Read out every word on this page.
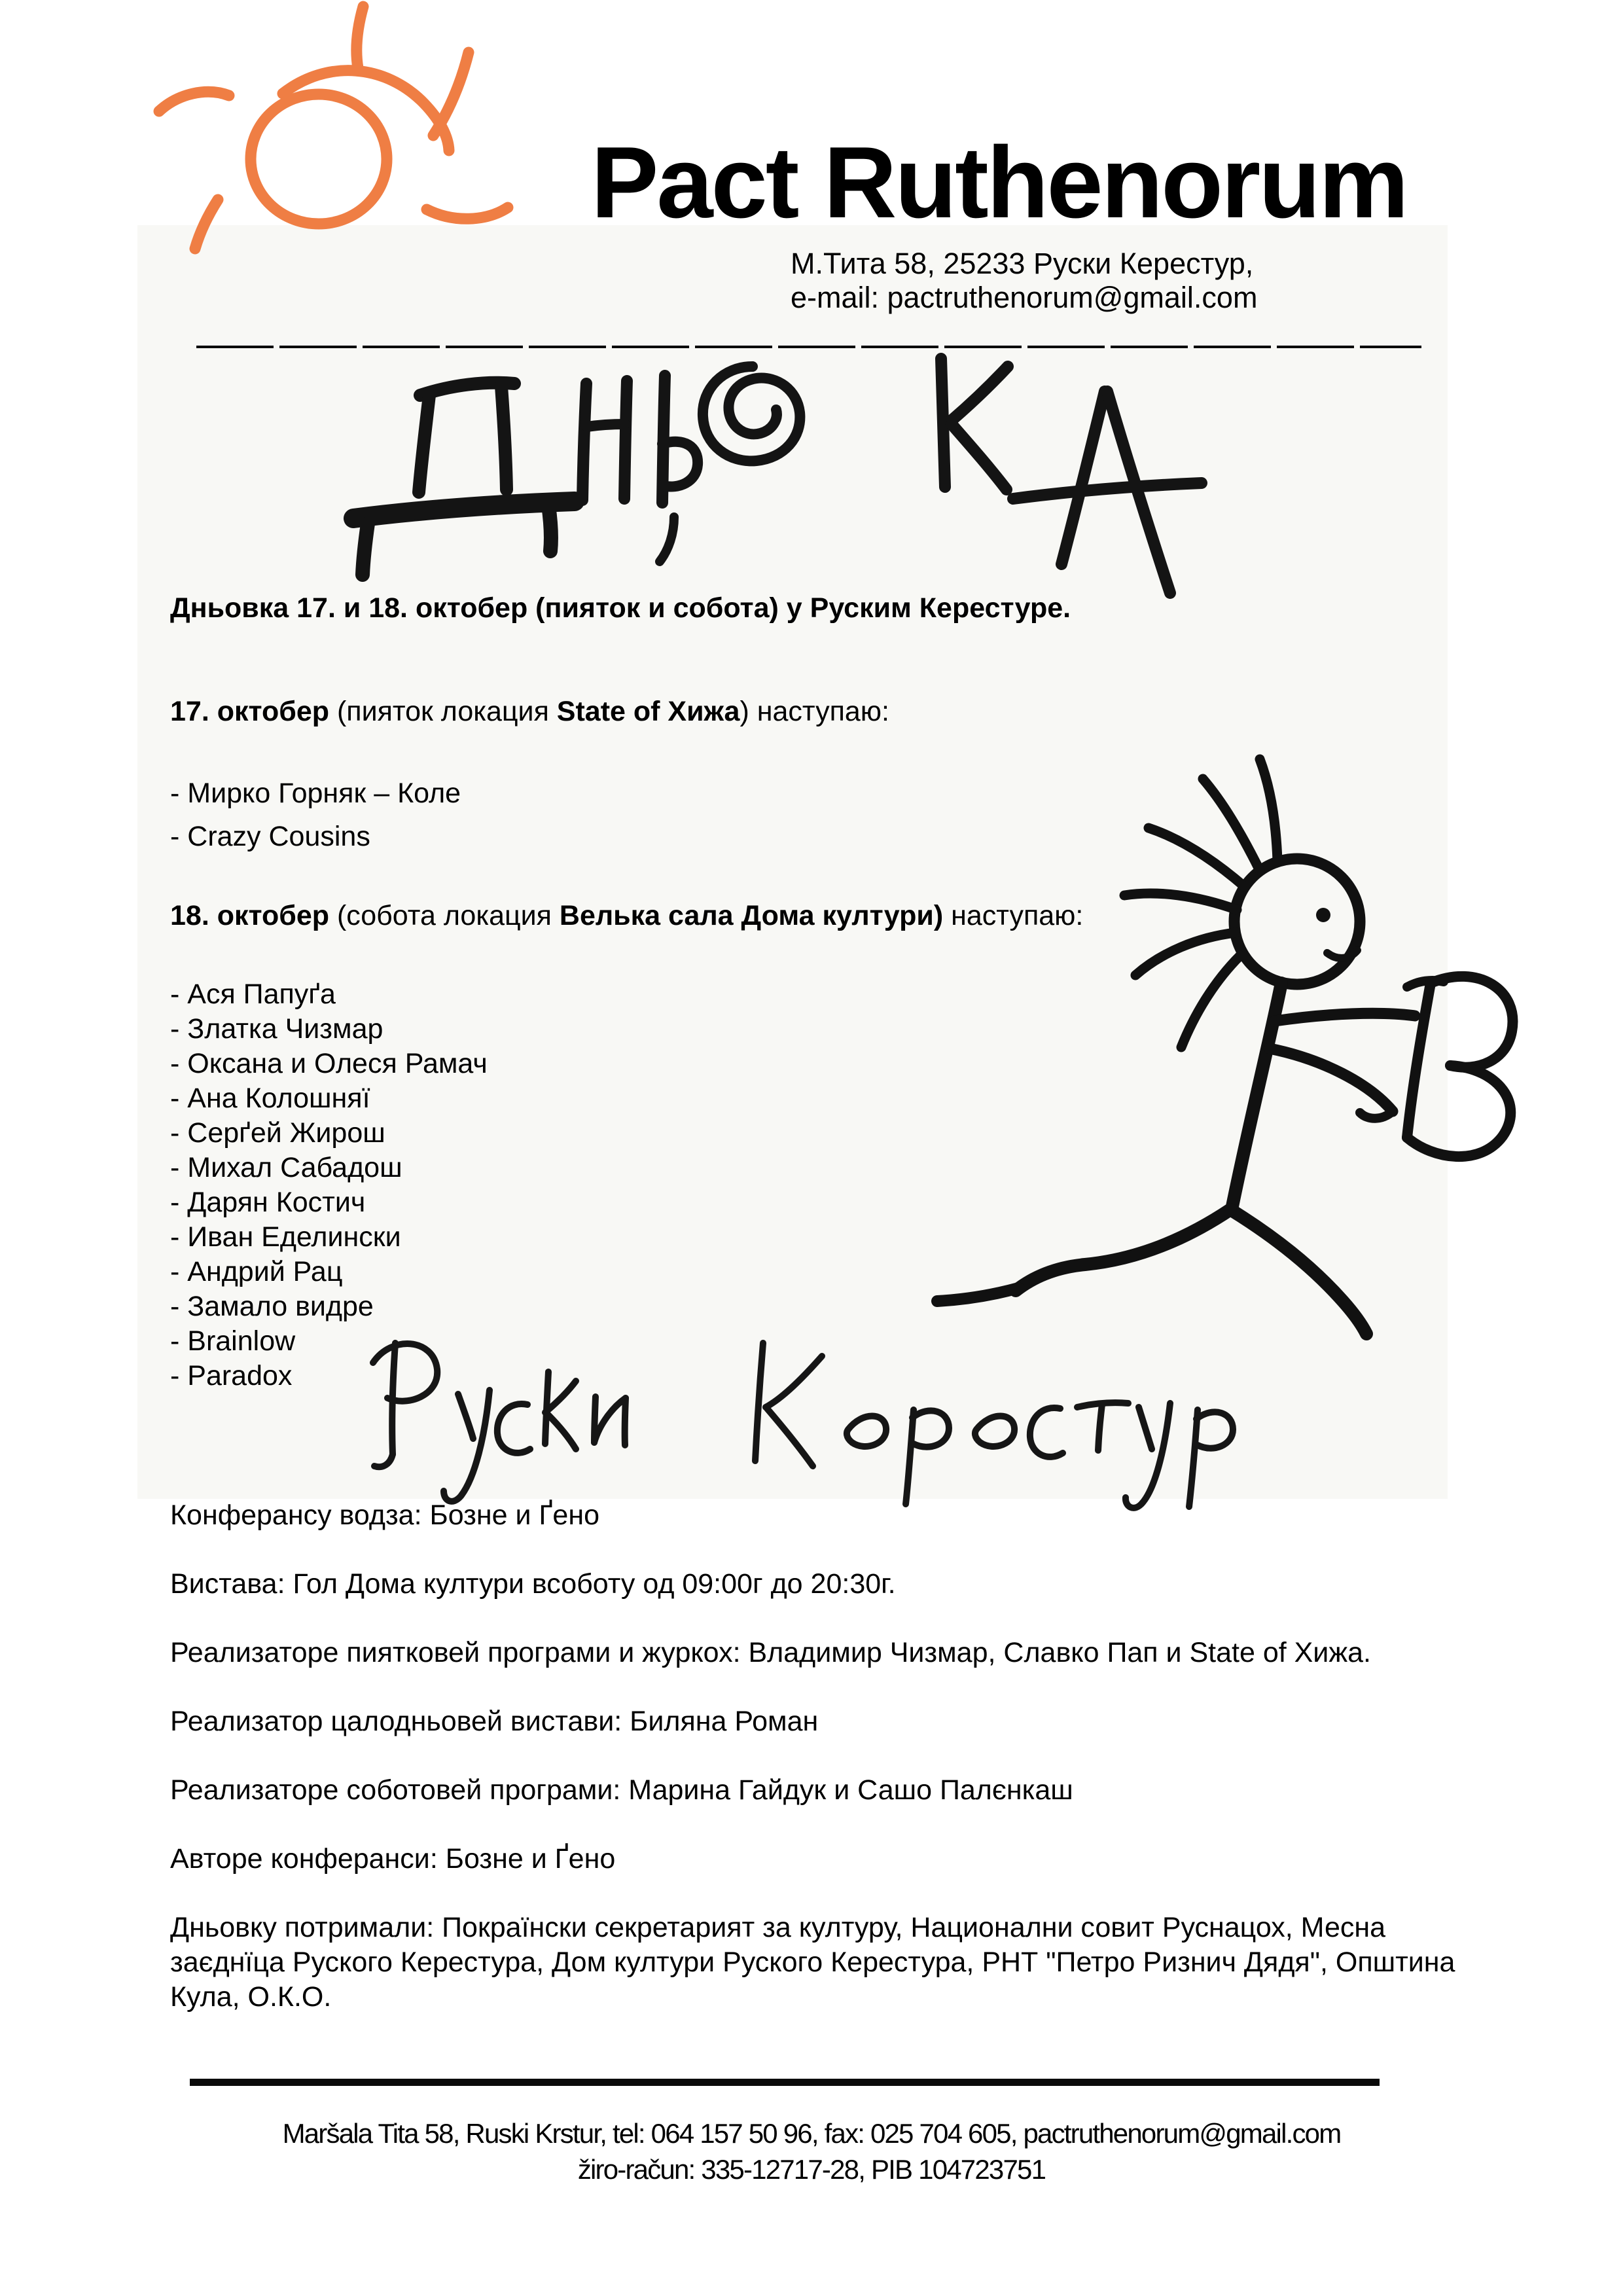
Pact Ruthenorum
М.Тита 58, 25233 Руски Керестур,
e-mail: pactruthenorum@gmail.com
Дньовка 17. и 18. октобер (пияток и собота) у Руским Керестуре.
17. октобер (пияток локация State of Хижа) наступаю:
- Мирко Горняк – Коле
- Crazy Cousins
18. октобер (собота локация Велька сала Дома култури) наступаю:
- Ася Папуґа
- Златка Чизмар
- Оксана и Олеся Рамач
- Ана Колошняї
- Серґей Жирош
- Михал Сабадош
- Дарян Костич
- Иван Еделински
- Андрий Рац
- Замало видре
- Brainlow
- Paradox
Конферансу водза: Бозне и Ґено
Вистава: Гол Дома култури всоботу од 09:00г до 20:30г.
Реализаторе пиятковей програми и журкох: Владимир Чизмар, Славко Пап и State of Хижа.
Реализатор цалодньовей вистави: Биляна Роман
Реализаторе соботовей програми: Марина Гайдук и Сашо Палєнкаш
Авторе конферанси: Бозне и Ґено
Дньовку потримали: Покраїнски секретарият за културу, Национални совит Руснацох, Месна заєднїца Руского Керестура, Дом култури Руского Керестура, РНТ "Петро Ризнич Дядя", Општина Кула, О.К.О.
Maršala Tita 58, Ruski Krstur, tel: 064 157 50 96, fax: 025 704 605, pactruthenorum@gmail.com
žiro-račun: 335-12717-28, PIB 104723751
